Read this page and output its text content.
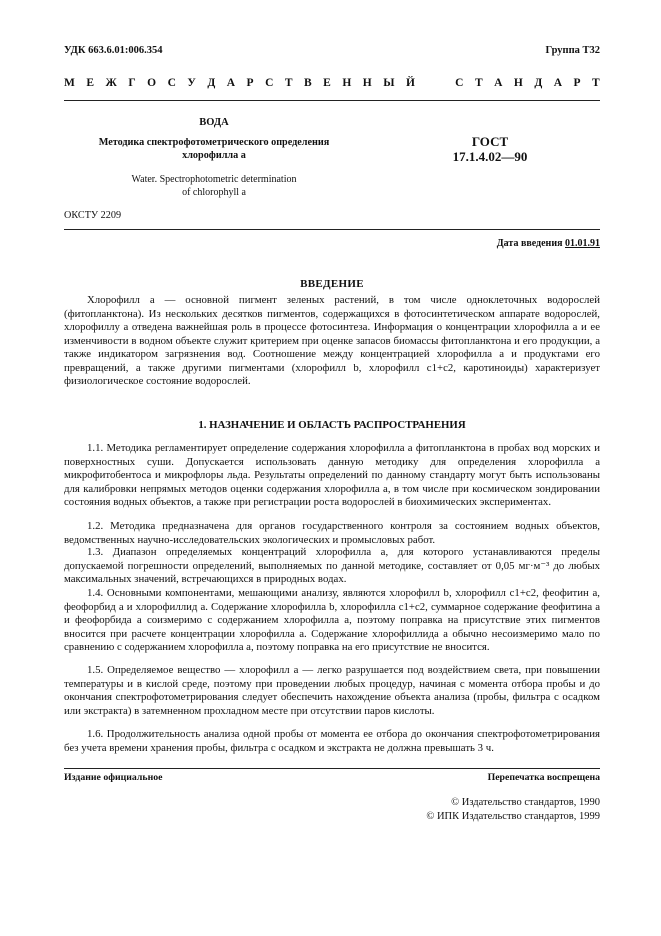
УДК 663.6.01:006.354	Группа Т32
М Е Ж Г О С У Д А Р С Т В Е Н Н Ы Й

	С Т А Н Д А Р Т
ВОДА
Методика спектрофотометрического определения
хлорофилла a
Water. Spectrophotometric determination
of chlorophyll a
ГОСТ
17.1.4.02—90
ОКСТУ 2209
Дата введения 01.01.91
ВВЕДЕНИЕ

Хлорофилл a — основной пигмент зеленых растений, в том числе одноклеточных водорослей (фитопланктона). Из нескольких десятков пигментов, содержащихся в фотосинтетическом аппарате водорослей, хлорофиллу a отведена важнейшая роль в процессе фотосинтеза. Информация о концентрации хлорофилла a и ее изменчивости в водном объекте служит критерием при оценке запасов биомассы фитопланктона и его продукции, а также индикатором загрязнения вод. Соотношение между концентрацией хлорофилла a и продуктами его превращений, а также другими пигментами (хлорофилл b, хлорофилл c1+c2, каротиноиды) характеризует физиологическое состояние водорослей.

1. НАЗНАЧЕНИЕ И ОБЛАСТЬ РАСПРОСТРАНЕНИЯ

1.1. Методика регламентирует определение содержания хлорофилла a фитопланктона в пробах вод морских и поверхностных суши. Допускается использовать данную методику для определения хлорофилла a микрофитобентоса и микрофлоры льда. Результаты определений по данному стандарту могут быть использованы для калибровки непрямых методов оценки содержания хлорофилла a, в том числе при космическом зондировании состояния водных объектов, а также при регистрации роста водорослей в биохимических экспериментах.

1.2. Методика предназначена для органов государственного контроля за состоянием водных объектов, ведомственных научно-исследовательских экологических и промысловых работ.

1.3. Диапазон определяемых концентраций хлорофилла a, для которого устанавливаются пределы допускаемой погрешности определений, выполняемых по данной методике, составляет от 0,05 мг·м⁻³ до любых максимальных значений, встречающихся в природных водах.

1.4. Основными компонентами, мешающими анализу, являются хлорофилл b, хлорофилл c1+c2, феофитин a, феофорбид a и хлорофиллид a. Содержание хлорофилла b, хлорофилла c1+c2, суммарное содержание феофитина a и феофорбида a соизмеримо с содержанием хлорофилла a, поэтому поправка на присутствие этих пигментов вносится при расчете концентрации хлорофилла a. Содержание хлорофиллида a обычно несоизмеримо мало по сравнению с содержанием хлорофилла a, поэтому поправка на его присутствие не вносится.

1.5. Определяемое вещество — хлорофилл a — легко разрушается под воздействием света, при повышении температуры и в кислой среде, поэтому при проведении любых процедур, начиная с момента отбора пробы и до окончания спектрофотометрирования следует обеспечить нахождение объекта анализа (пробы, фильтра с осадком или экстракта) в затемненном прохладном месте при отсутствии паров кислоты.

1.6. Продолжительность анализа одной пробы от момента ее отбора до окончания спектрофотометрирования без учета времени хранения пробы, фильтра с осадком и экстракта не должна превышать 3 ч.

Издание официальное	Перепечатка воспрещена
© Издательство стандартов, 1990
© ИПК Издательство стандартов, 1999
